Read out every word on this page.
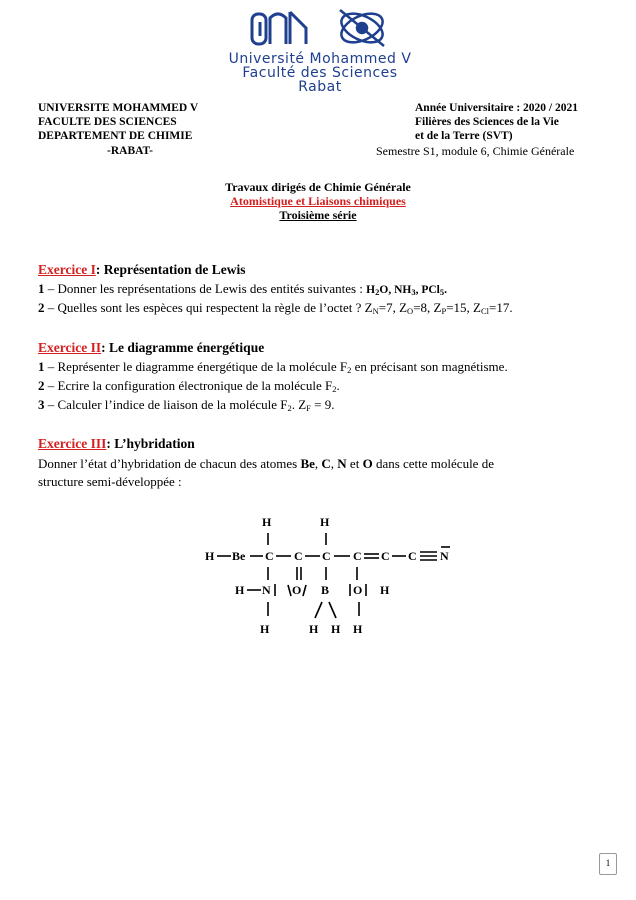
Université Mohammed V
Faculté des Sciences
Rabat
UNIVERSITE MOHAMMED V
FACULTE DES SCIENCES
DEPARTEMENT DE CHIMIE
-RABAT-
Année Universitaire : 2020 / 2021
Filières des Sciences de la Vie
et de la Terre (SVT)
Semestre S1, module 6, Chimie Générale
Travaux dirigés de Chimie Générale
Atomistique et Liaisons chimiques
Troisième série
Exercice I: Représentation de Lewis
1 – Donner les représentations de Lewis des entités suivantes : $H_2O$, $NH_3$, PCl$_5$.
2 – Quelles sont les espèces qui respectent la règle de l’octet ? $Z_N=7$, $Z_O=8$, $Z_P=15$, $Z_{Cl}=17$.
Exercice II: Le diagramme énergétique
1 – Représenter le diagramme énergétique de la molécule $F_2$ en précisant son magnétisme.
2 – Ecrire la configuration électronique de la molécule $F_2$.
3 – Calculer l’indice de liaison de la molécule $F_2$. $Z_F = 9$.
Exercice III: L’hybridation
Donner l’état d’hybridation de chacun des atomes Be, C, N et O dans cette molécule de
structure semi-développée :
H	H
H Be C C C C C C N
H N O B O H
H	H H H
1
